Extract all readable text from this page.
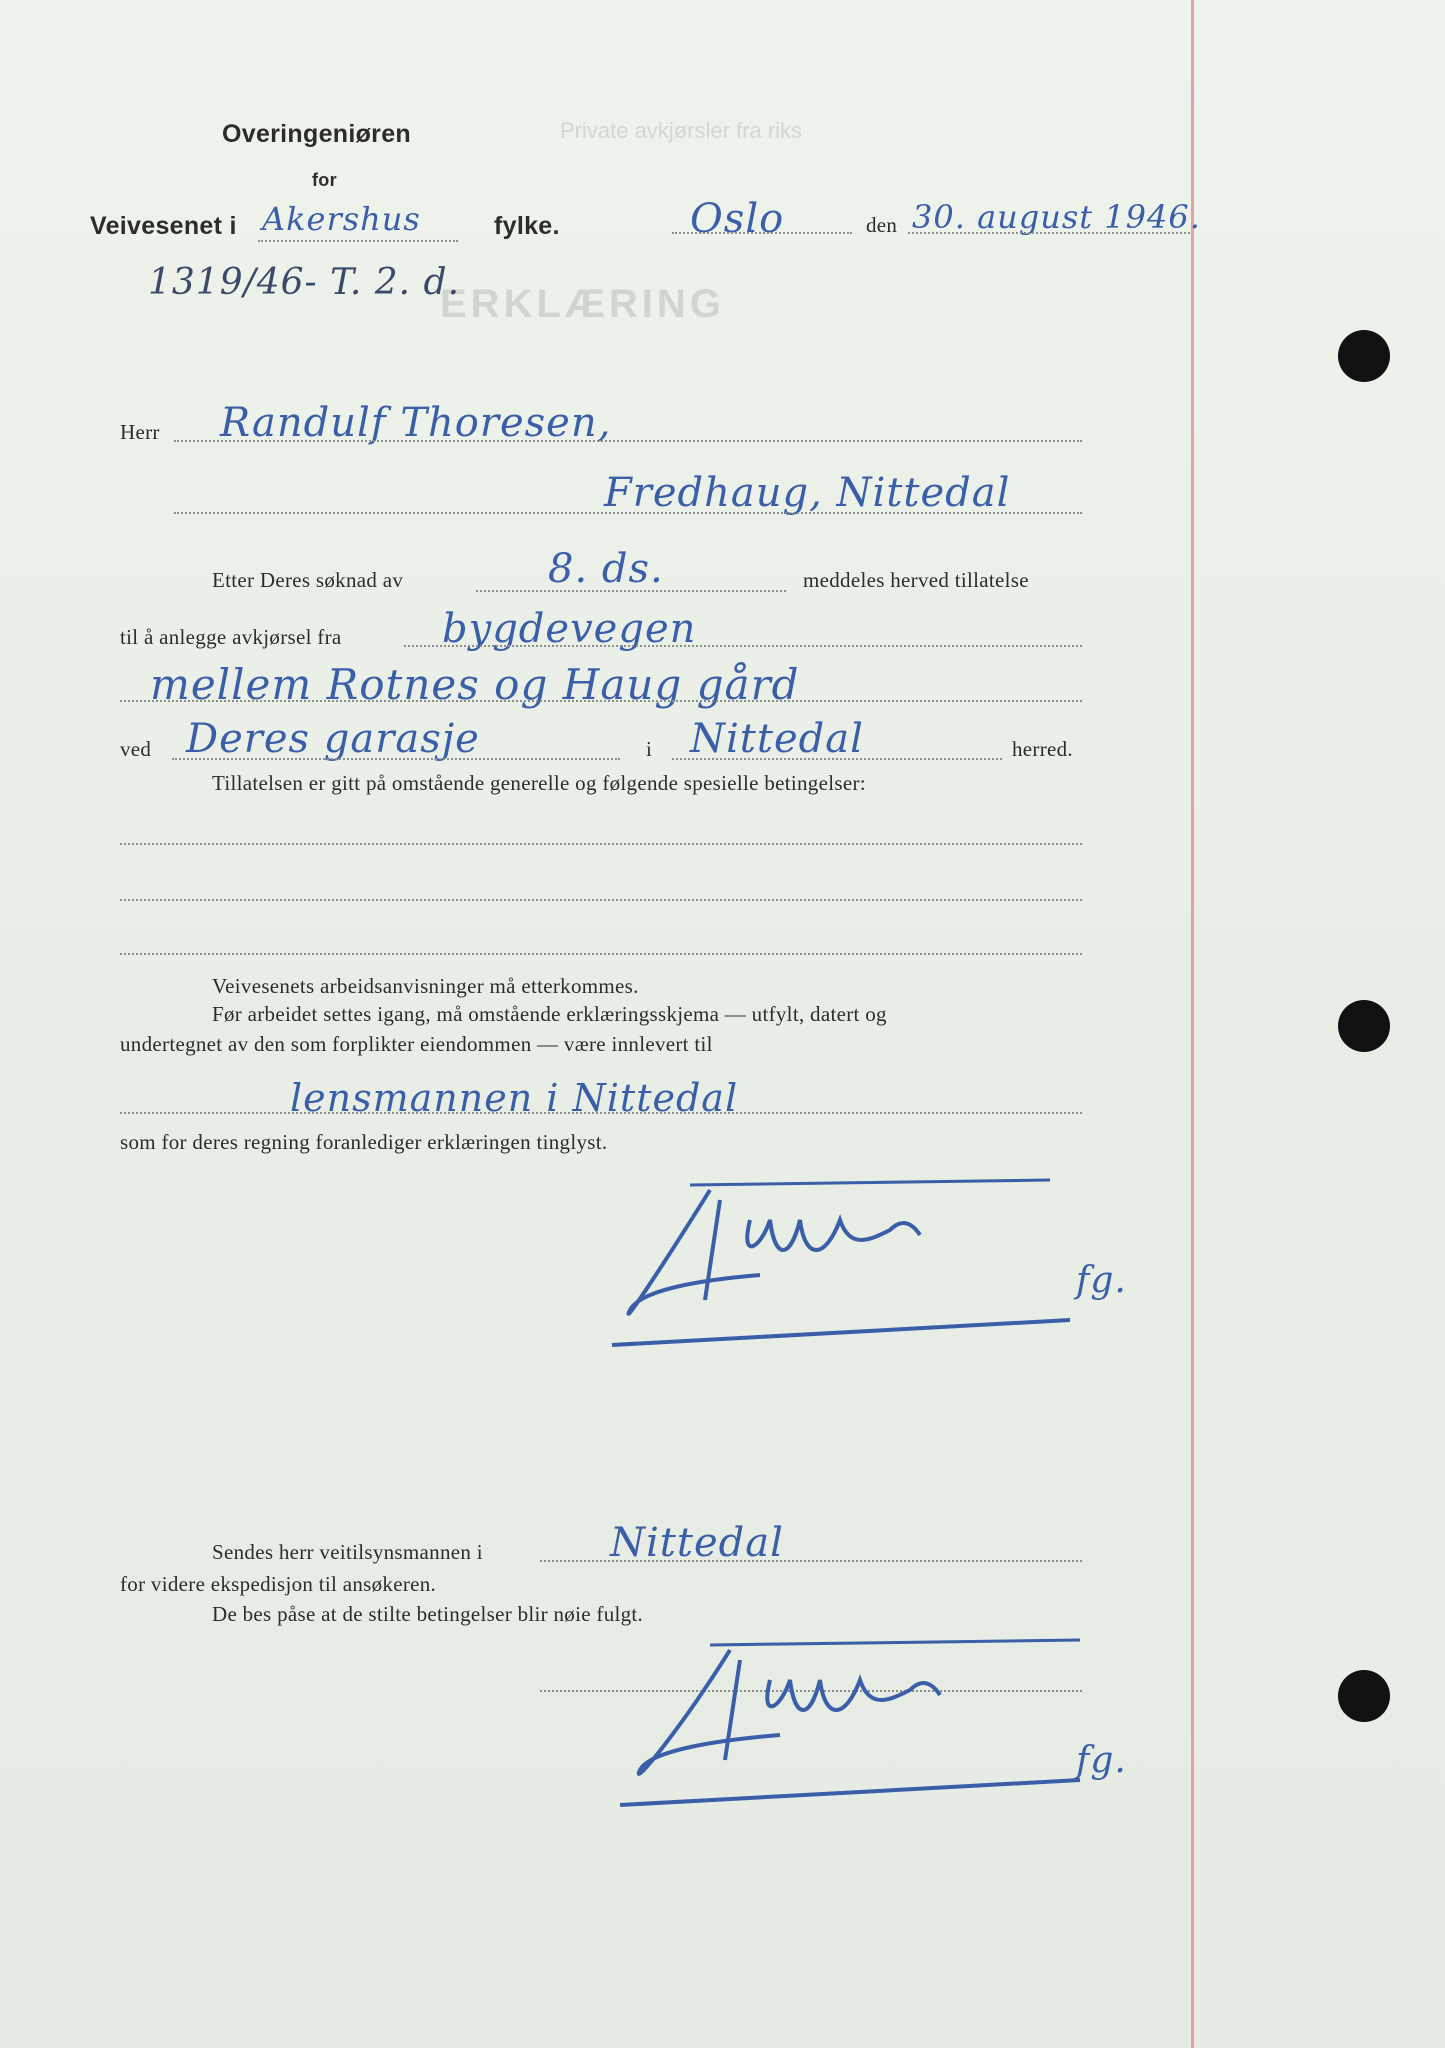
Private avkjørsler fra riks
ERKLÆRING
Overingeniøren
for
Veivesenet i Akershus	fylke.	Oslo	den 30. august 1946.
1319/46- T. 2. d.
Herr Randulf Thoresen,
Fredhaug, Nittedal
Etter Deres søknad av	8. ds.	meddeles herved tillatelse
til å anlegge avkjørsel fra	bygdevegen
mellem Rotnes og Haug gård
ved Deres garasje	i Nittedal	herred.
Tillatelsen er gitt på omstående generelle og følgende spesielle betingelser:
Veivesenets arbeidsanvisninger må etterkommes.
Før arbeidet settes igang, må omstående erklæringsskjema — utfylt, datert og
undertegnet av den som forplikter eiendommen — være innlevert til
lensmannen i Nittedal
som for deres regning foranlediger erklæringen tinglyst.
fg.
Sendes herr veitilsynsmannen i	Nittedal
for videre ekspedisjon til ansøkeren.
De bes påse at de stilte betingelser blir nøie fulgt.
fg.
